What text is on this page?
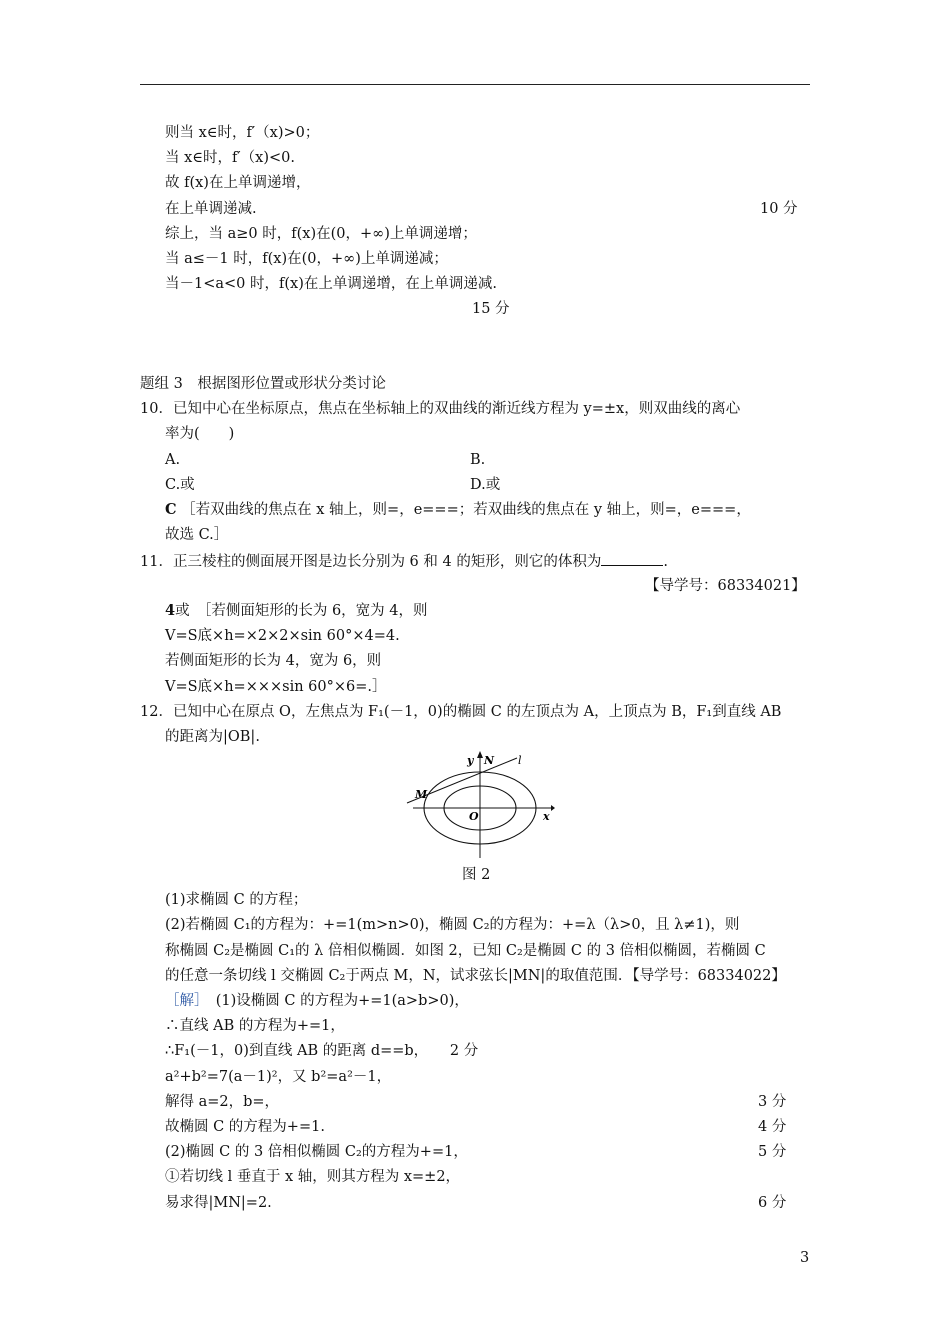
则当 x∈时，f′（x)>0；
当 x∈时，f′（x)<0.
故 f(x)在上单调递增，
在上单调递减.	10 分
综上，当 a≥0 时，f(x)在(0，+∞)上单调递增；
当 a≤－1 时，f(x)在(0，+∞)上单调递减；
当－1<a<0 时，f(x)在上单调递增，在上单调递减.
15 分
题组 3　根据图形位置或形状分类讨论
10．已知中心在坐标原点，焦点在坐标轴上的双曲线的渐近线方程为 y=±x，则双曲线的离心
率为(　　)
A.	B.
C.或	D.或
C ［若双曲线的焦点在 x 轴上，则=，e===；若双曲线的焦点在 y 轴上，则=，e===，
故选 C.］
11．正三棱柱的侧面展开图是边长分别为 6 和 4 的矩形，则它的体积为	.
【导学号：68334021】
4或　［若侧面矩形的长为 6，宽为 4，则
V=S底×h=×2×2×sin 60°×4=4.
若侧面矩形的长为 4，宽为 6，则
V=S底×h=×××sin 60°×6=.］
12．已知中心在原点 O，左焦点为 F₁(－1，0)的椭圆 C 的左顶点为 A，上顶点为 B，F₁到直线 AB
的距离为|OB|.
y N l
M
O	x
图 2
(1)求椭圆 C 的方程；
(2)若椭圆 C₁的方程为：+=1(m>n>0)，椭圆 C₂的方程为：+=λ（λ>0，且 λ≠1)，则
称椭圆 C₂是椭圆 C₁的 λ 倍相似椭圆．如图 2，已知 C₂是椭圆 C 的 3 倍相似椭圆，若椭圆 C
的任意一条切线 l 交椭圆 C₂于两点 M，N，试求弦长|MN|的取值范围．【导学号：68334022】
［解］　(1)设椭圆 C 的方程为+=1(a>b>0)，
∴直线 AB 的方程为+=1，
∴F₁(－1，0)到直线 AB 的距离 d==b，　　2 分
a²+b²=7(a－1)²，又 b²=a²－1，
解得 a=2，b=，	3 分
故椭圆 C 的方程为+=1.	4 分
(2)椭圆 C 的 3 倍相似椭圆 C₂的方程为+=1，	5 分
①若切线 l 垂直于 x 轴，则其方程为 x=±2，
易求得|MN|=2.	6 分
3
